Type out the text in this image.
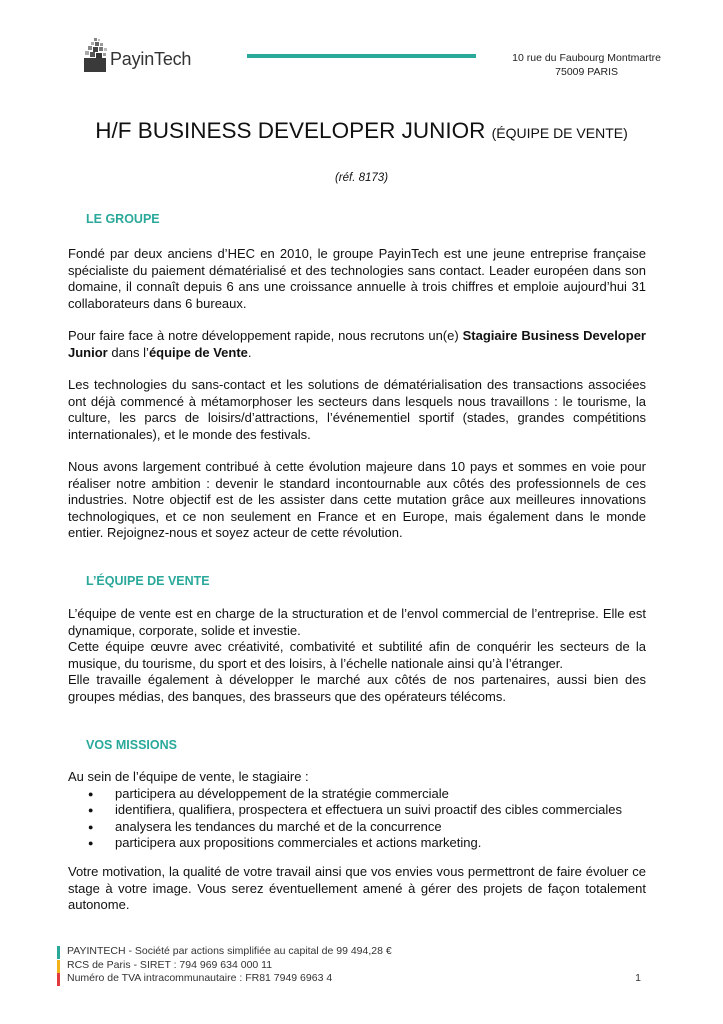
PayinTech	10 rue du Faubourg Montmartre
75009 PARIS
H/F BUSINESS DEVELOPER JUNIOR (ÉQUIPE DE VENTE)
(réf. 8173)
LE GROUPE
Fondé par deux anciens d’HEC en 2010, le groupe PayinTech est une jeune entreprise française spécialiste du paiement dématérialisé et des technologies sans contact. Leader européen dans son domaine, il connaît depuis 6 ans une croissance annuelle à trois chiffres et emploie aujourd’hui 31 collaborateurs dans 6 bureaux.
Pour faire face à notre développement rapide, nous recrutons un(e) Stagiaire Business Developer Junior dans l’équipe de Vente.
Les technologies du sans-contact et les solutions de dématérialisation des transactions associées ont déjà commencé à métamorphoser les secteurs dans lesquels nous travaillons : le tourisme, la culture, les parcs de loisirs/d’attractions, l’événementiel sportif (stades, grandes compétitions internationales), et le monde des festivals.
Nous avons largement contribué à cette évolution majeure dans 10 pays et sommes en voie pour réaliser notre ambition : devenir le standard incontournable aux côtés des professionnels de ces industries. Notre objectif est de les assister dans cette mutation grâce aux meilleures innovations technologiques, et ce non seulement en France et en Europe, mais également dans le monde entier. Rejoignez-nous et soyez acteur de cette révolution.
L’ÉQUIPE DE VENTE
L’équipe de vente est en charge de la structuration et de l’envol commercial de l’entreprise. Elle est dynamique, corporate, solide et investie.
Cette équipe œuvre avec créativité, combativité et subtilité afin de conquérir les secteurs de la musique, du tourisme, du sport et des loisirs, à l’échelle nationale ainsi qu’à l’étranger.
Elle travaille également à développer le marché aux côtés de nos partenaires, aussi bien des groupes médias, des banques, des brasseurs que des opérateurs télécoms.
VOS MISSIONS
Au sein de l’équipe de vente, le stagiaire :
● participera au développement de la stratégie commerciale
● identifiera, qualifiera, prospectera et effectuera un suivi proactif des cibles commerciales
● analysera les tendances du marché et de la concurrence
● participera aux propositions commerciales et actions marketing.
Votre motivation, la qualité de votre travail ainsi que vos envies vous permettront de faire évoluer ce stage à votre image. Vous serez éventuellement amené à gérer des projets de façon totalement autonome.
PAYINTECH - Société par actions simplifiée au capital de 99 494,28 €
RCS de Paris - SIRET : 794 969 634 000 11
Numéro de TVA intracommunautaire : FR81 7949 6963 4	1
